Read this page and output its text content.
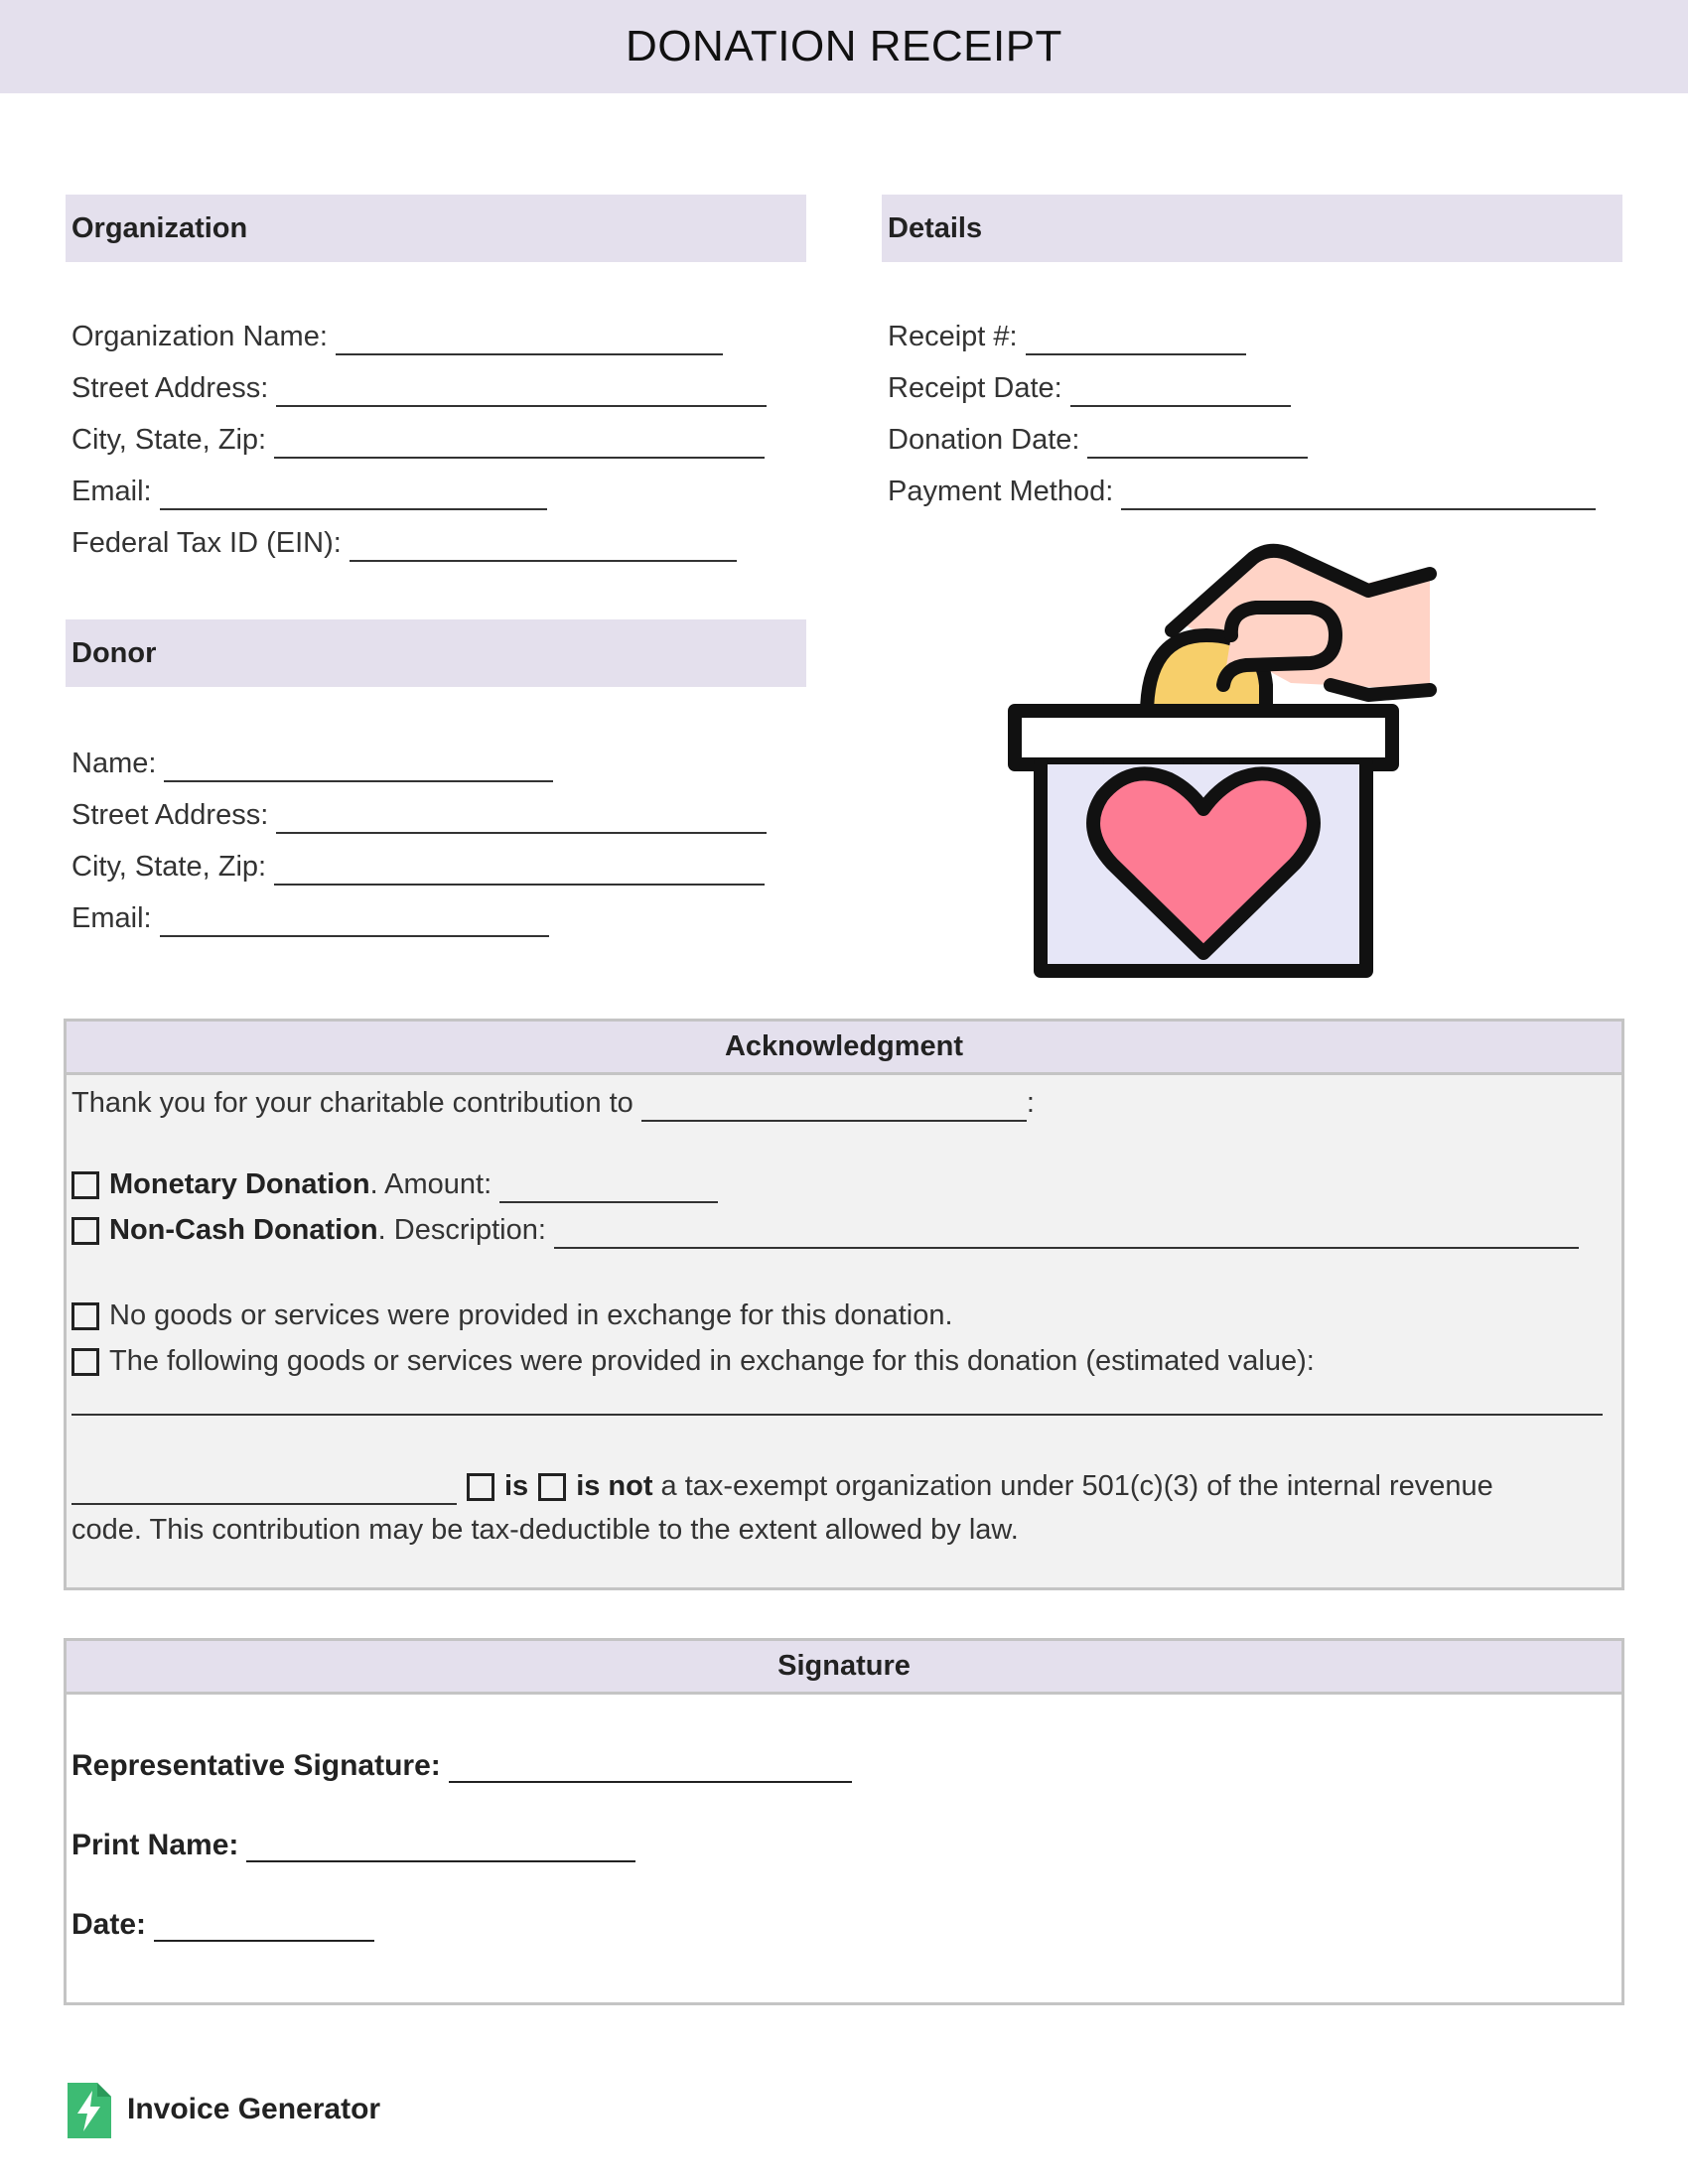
DONATION RECEIPT
Organization
Organization Name:
Street Address:
City, State, Zip:
Email:
Federal Tax ID (EIN):
Details
Receipt #:
Receipt Date:
Donation Date:
Payment Method:
Donor
Name:
Street Address:
City, State, Zip:
Email:
Acknowledgment
Thank you for your charitable contribution to	:
Monetary Donation . Amount:
Non-Cash Donation . Description:
No goods or services were provided in exchange for this donation.
The following goods or services were provided in exchange for this donation (estimated value):
is is not a tax-exempt organization under 501(c)(3) of the internal revenue
code. This contribution may be tax-deductible to the extent allowed by law.
Signature
Representative Signature:
Print Name:
Date:
Invoice Generator
